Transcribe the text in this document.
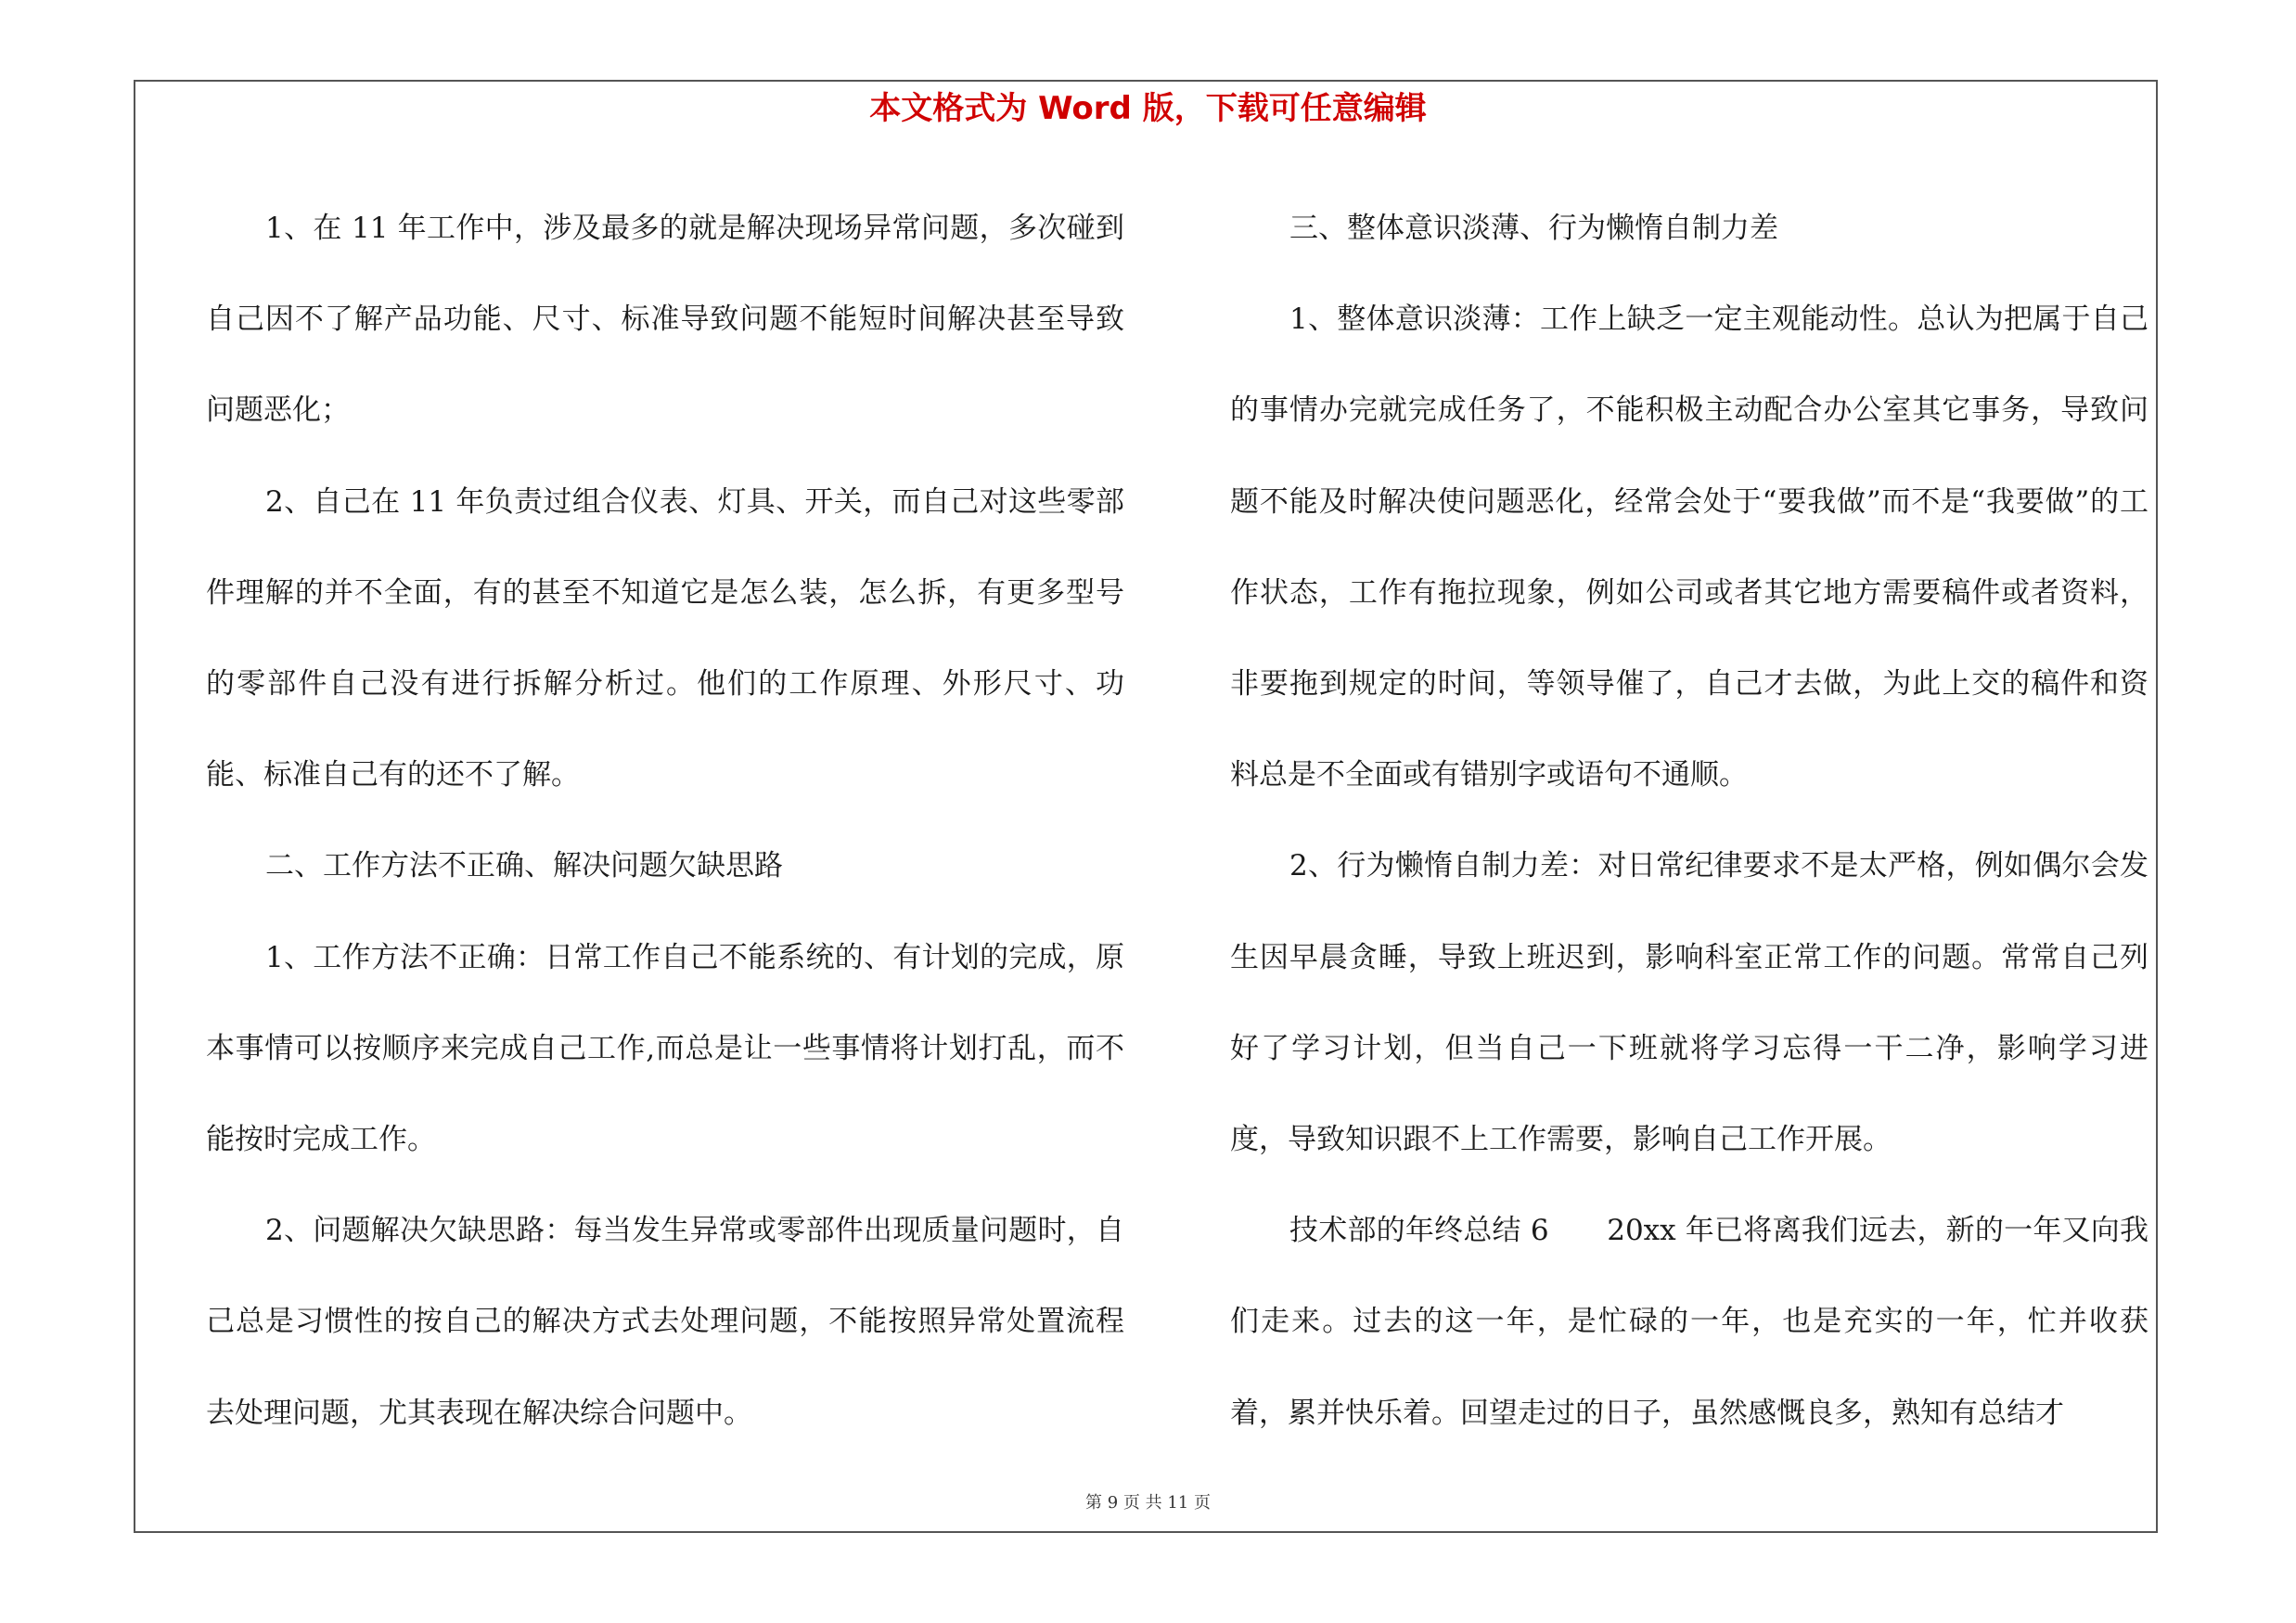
本文格式为 Word 版，下载可任意编辑

1、在 11 年工作中，涉及最多的就是解决现场异常问题，多次碰到自己因不了解产品功能、尺寸、标准导致问题不能短时间解决甚至导致问题恶化；

2、自己在 11 年负责过组合仪表、灯具、开关，而自己对这些零部件理解的并不全面，有的甚至不知道它是怎么装，怎么拆，有更多型号的零部件自己没有进行拆解分析过。他们的工作原理、外形尺寸、功能、标准自己有的还不了解。

二、工作方法不正确、解决问题欠缺思路

1、工作方法不正确：日常工作自己不能系统的、有计划的完成，原本事情可以按顺序来完成自己工作,而总是让一些事情将计划打乱，而不能按时完成工作。

2、问题解决欠缺思路：每当发生异常或零部件出现质量问题时，自己总是习惯性的按自己的解决方式去处理问题，不能按照异常处置流程去处理问题，尤其表现在解决综合问题中。

三、整体意识淡薄、行为懒惰自制力差

1、整体意识淡薄：工作上缺乏一定主观能动性。总认为把属于自己的事情办完就完成任务了，不能积极主动配合办公室其它事务，导致问题不能及时解决使问题恶化，经常会处于“要我做”而不是“我要做”的工作状态，工作有拖拉现象，例如公司或者其它地方需要稿件或者资料，非要拖到规定的时间，等领导催了，自己才去做，为此上交的稿件和资料总是不全面或有错别字或语句不通顺。

2、行为懒惰自制力差：对日常纪律要求不是太严格，例如偶尔会发生因早晨贪睡，导致上班迟到，影响科室正常工作的问题。常常自己列好了学习计划，但当自己一下班就将学习忘得一干二净，影响学习进度，导致知识跟不上工作需要，影响自己工作开展。

技术部的年终总结 6　　20xx 年已将离我们远去，新的一年又向我们走来。过去的这一年，是忙碌的一年，也是充实的一年，忙并收获着，累并快乐着。回望走过的日子，虽然感慨良多，熟知有总结才

第 9 页 共 11 页
